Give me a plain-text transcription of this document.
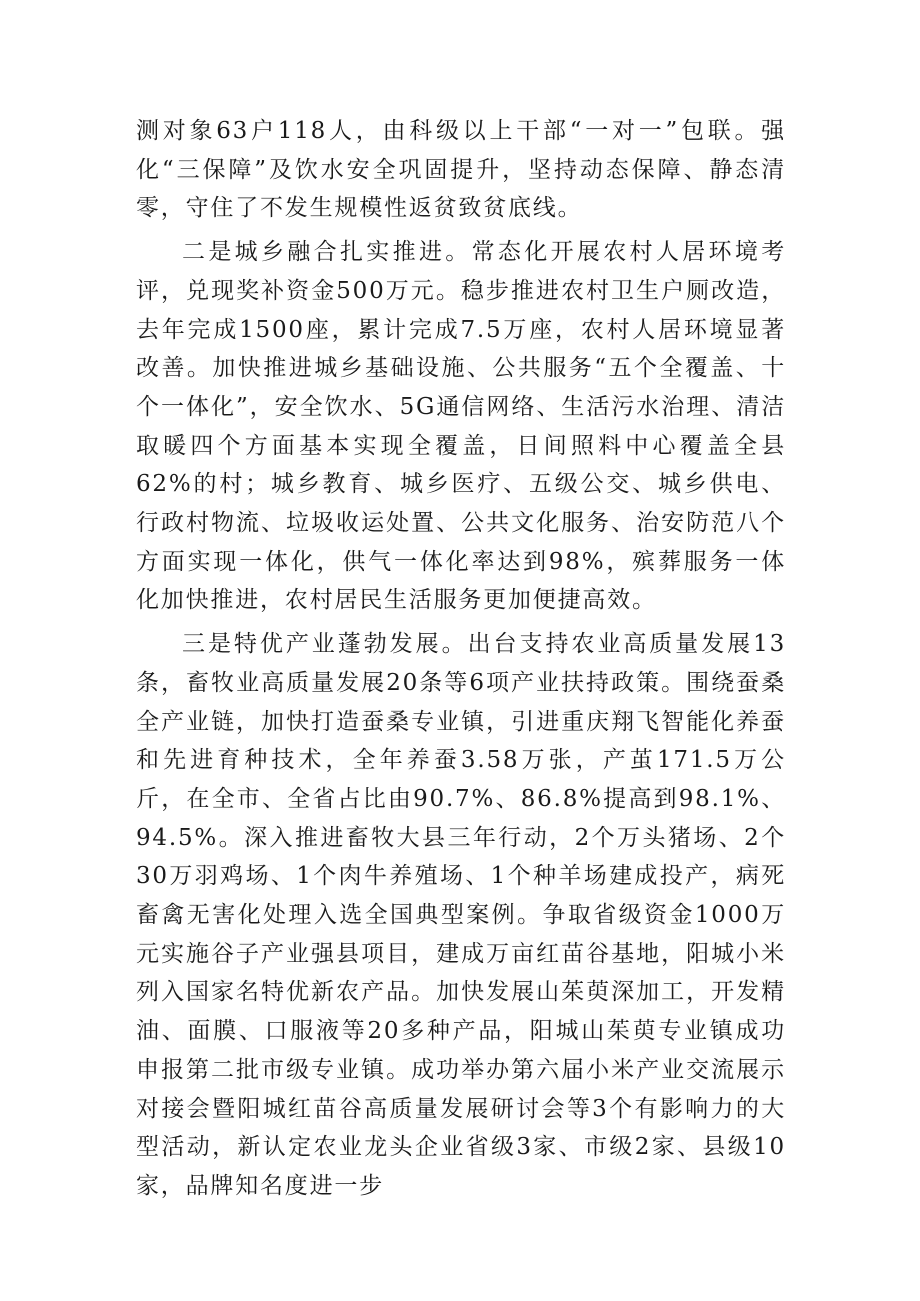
测对象63户118人，由科级以上干部“一对一”包联。强化“三保障”及饮水安全巩固提升，坚持动态保障、静态清零，守住了不发生规模性返贫致贫底线。

二是城乡融合扎实推进。常态化开展农村人居环境考评，兑现奖补资金500万元。稳步推进农村卫生户厕改造，去年完成1500座，累计完成7.5万座，农村人居环境显著改善。加快推进城乡基础设施、公共服务“五个全覆盖、十个一体化”，安全饮水、5G通信网络、生活污水治理、清洁取暖四个方面基本实现全覆盖，日间照料中心覆盖全县62%的村；城乡教育、城乡医疗、五级公交、城乡供电、行政村物流、垃圾收运处置、公共文化服务、治安防范八个方面实现一体化，供气一体化率达到98%，殡葬服务一体化加快推进，农村居民生活服务更加便捷高效。

三是特优产业蓬勃发展。出台支持农业高质量发展13条，畜牧业高质量发展20条等6项产业扶持政策。围绕蚕桑全产业链，加快打造蚕桑专业镇，引进重庆翔飞智能化养蚕和先进育种技术，全年养蚕3.58万张，产茧171.5万公斤，在全市、全省占比由90.7%、86.8%提高到98.1%、94.5%。深入推进畜牧大县三年行动，2个万头猪场、2个30万羽鸡场、1个肉牛养殖场、1个种羊场建成投产，病死畜禽无害化处理入选全国典型案例。争取省级资金1000万元实施谷子产业强县项目，建成万亩红苗谷基地，阳城小米列入国家名特优新农产品。加快发展山茱萸深加工，开发精油、面膜、口服液等20多种产品，阳城山茱萸专业镇成功申报第二批市级专业镇。成功举办第六届小米产业交流展示对接会暨阳城红苗谷高质量发展研讨会等3个有影响力的大型活动，新认定农业龙头企业省级3家、市级2家、县级10家，品牌知名度进一步
